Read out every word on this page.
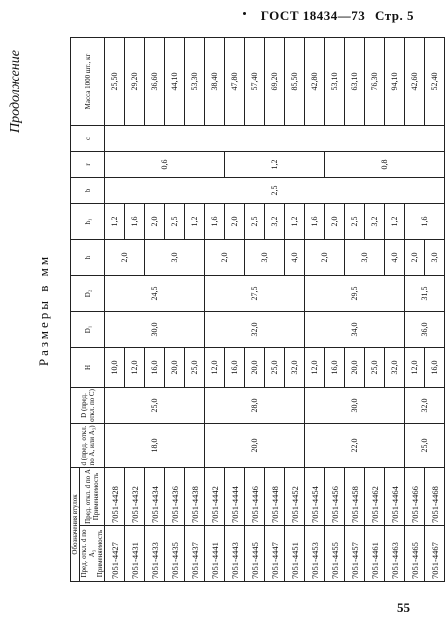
ГОСТ 18434—73 Стр. 5
Продолжение
Размеры в мм
Обозначения втулок		d (пред. откл. по A, или A₃)	D (пред. откл. по C)	H	D₁	D₂	h	h₁	b	r	c	Масса 1000 шт., кг
Пред. откл. d по A₃
Применяемость	Пред. откл. d по A
Применяемость											
7051-4427	7051-4428	18,0	25,0	10,0	30,0	24,5	2,0	1,2	2,5	0,6		25,50
7051-4431	7051-4432			12,0				1,6				29,20
7051-4433	7051-4434			16,0			3,0	2,0				36,60
7051-4435	7051-4436			20,0				2,5				44,10
7051-4437	7051-4438			25,0				1,2				53,30
7051-4441	7051-4442	20,0	28,0	12,0	32,0	27,5	2,0	1,6				38,40
7051-4443	7051-4444			16,0				2,0		1,2		47,80
7051-4445	7051-4446			20,0			3,0	2,5				57,40
7051-4447	7051-4448			25,0				3,2				69,20
7051-4451	7051-4452			32,0			4,0	1,2				85,50
7051-4453	7051-4454	22,0	30,0	12,0	34,0	29,5	2,0	1,6				42,80
7051-4455	7051-4456			16,0				2,0		0,8		53,10
7051-4457	7051-4458			20,0			3,0	2,5				63,10
7051-4461	7051-4462			25,0				3,2				76,30
7051-4463	7051-4464			32,0			4,0	1,2				94,10
7051-4465	7051-4466	25,0	32,0	12,0	36,0	31,5	2,0	1,6				42,60
7051-4467	7051-4468			16,0			3,0					52,40
55
